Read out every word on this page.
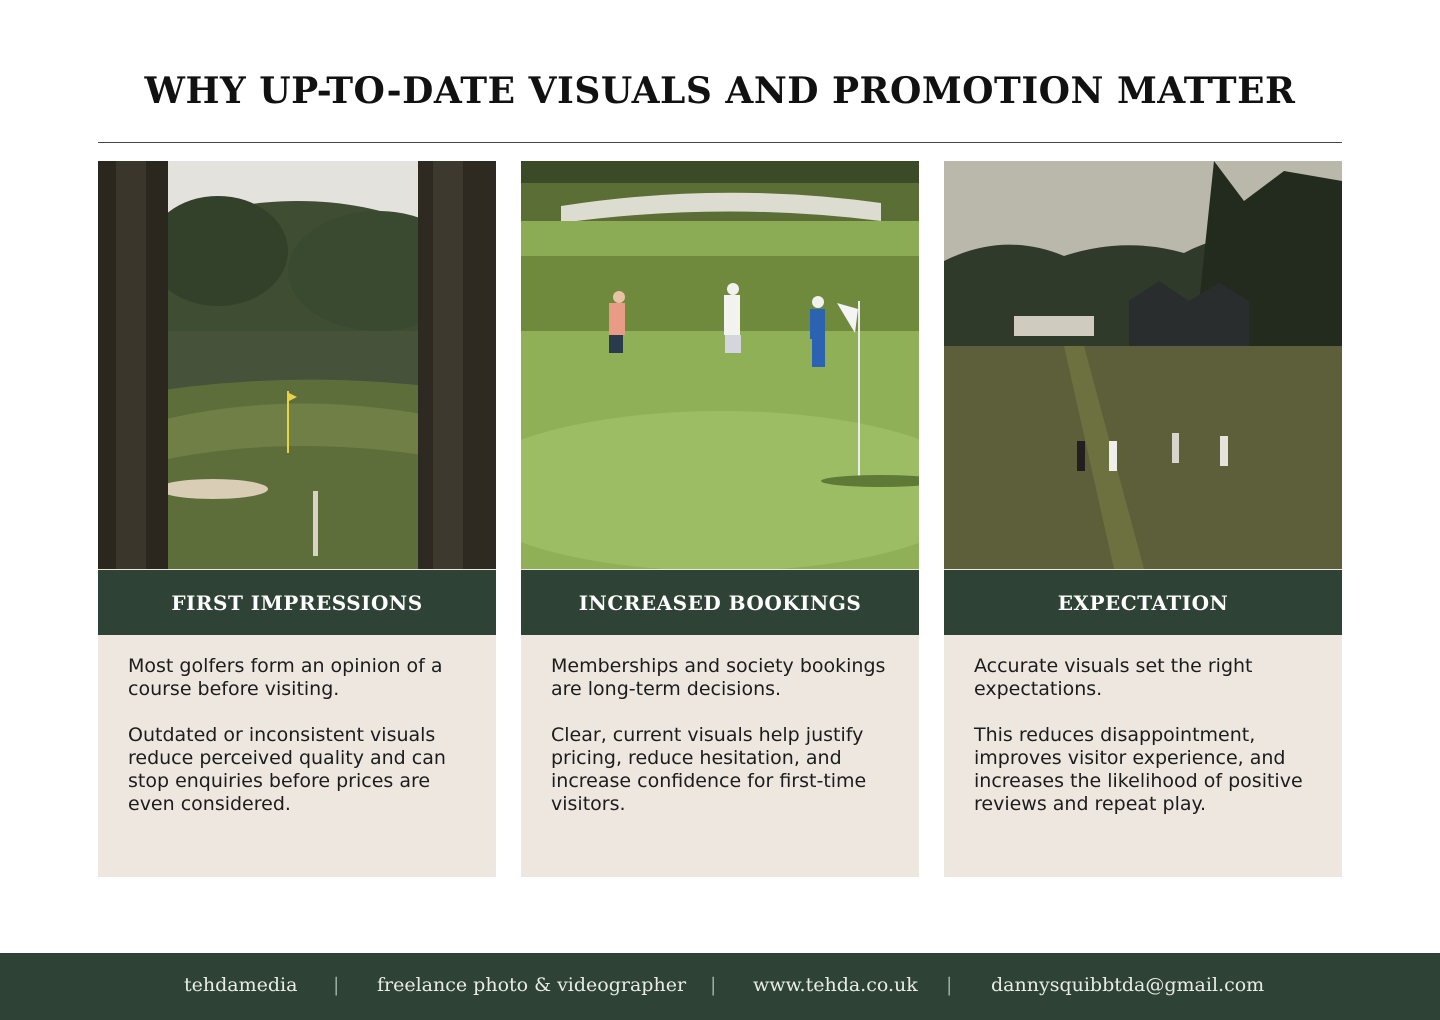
WHY UP-TO-DATE VISUALS AND PROMOTION MATTER
FIRST IMPRESSIONS

Most golfers form an opinion of a course before visiting.

Outdated or inconsistent visuals reduce perceived quality and can stop enquiries before prices are even considered.

INCREASED BOOKINGS

Memberships and society bookings are long-term decisions.

Clear, current visuals help justify pricing, reduce hesitation, and increase confidence for first-time visitors.

EXPECTATION

Accurate visuals set the right expectations.

This reduces disappointment, improves visitor experience, and increases the likelihood of positive reviews and repeat play.

tehdamedia | freelance photo & videographer | www.tehda.co.uk | dannysquibbtda@gmail.com
